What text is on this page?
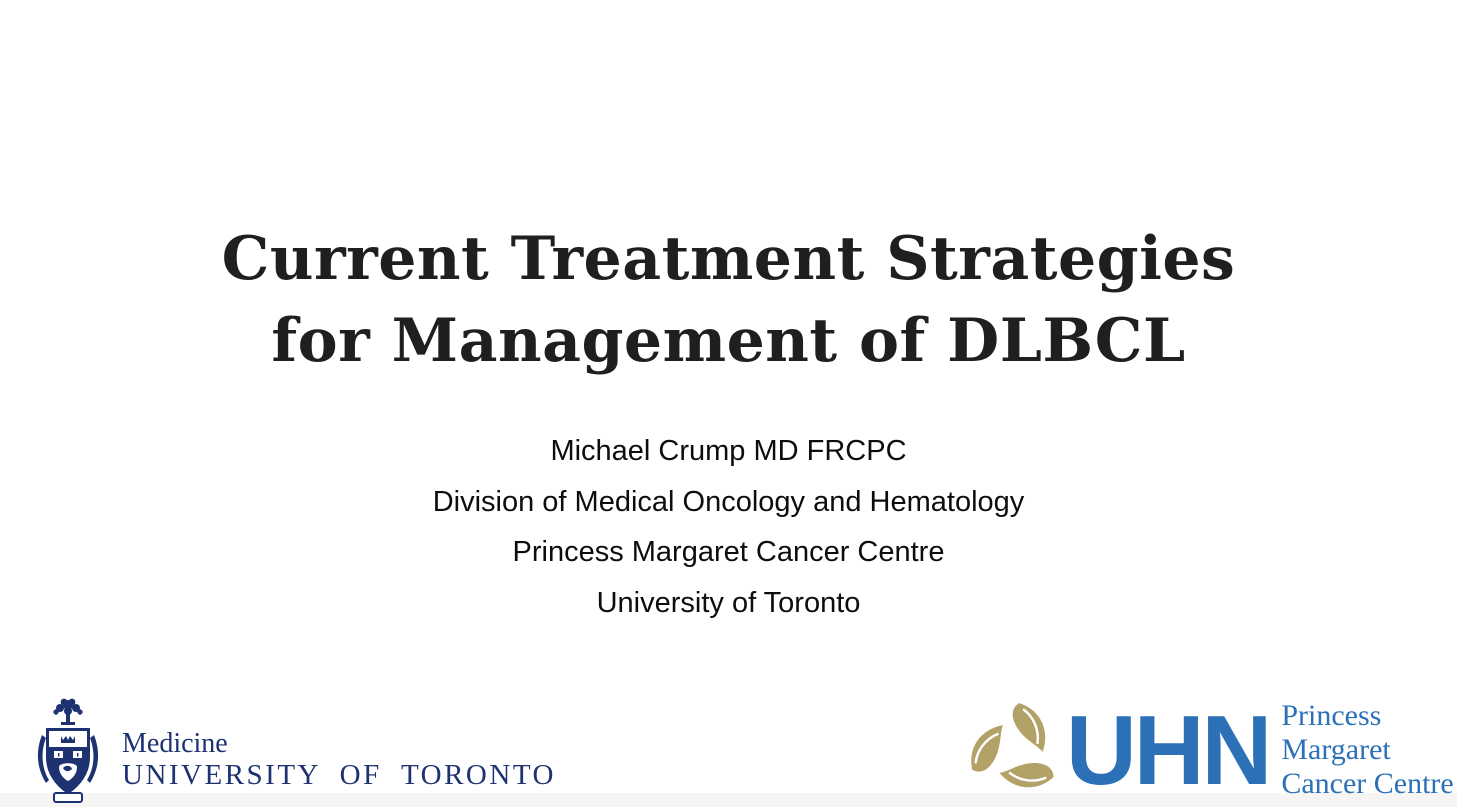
Current Treatment Strategies
for Management of DLBCL
Michael Crump MD FRCPC
Division of Medical Oncology and Hematology
Princess Margaret Cancer Centre
University of Toronto
Medicine
UNIVERSITY OF TORONTO	UHN Princess
Margaret
Cancer Centre
